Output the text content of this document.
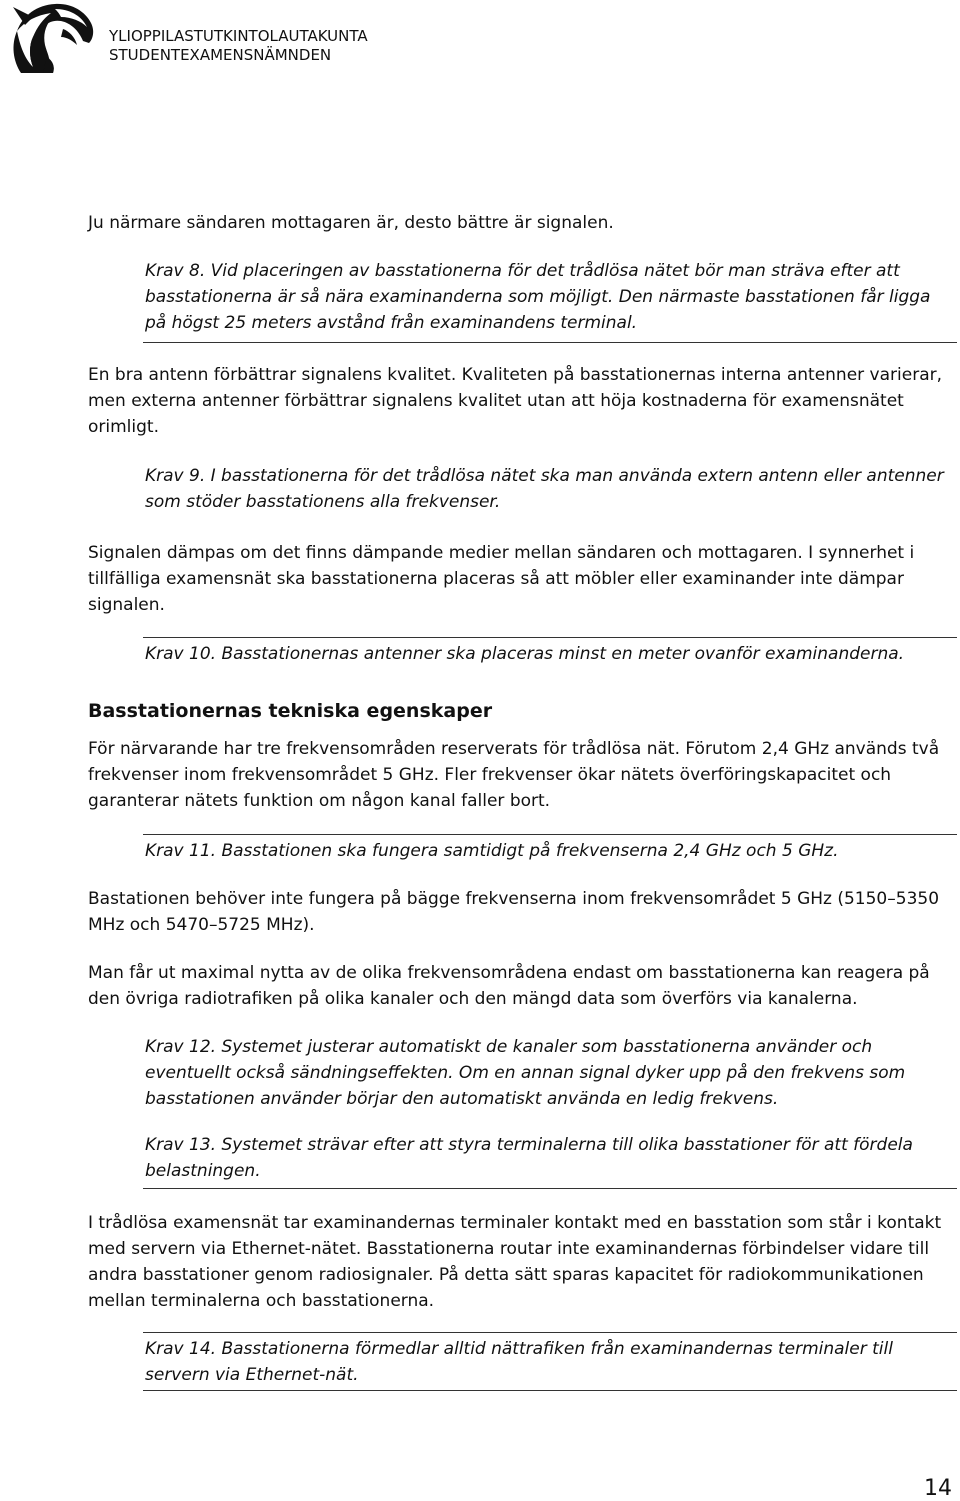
YLIOPPILASTUTKINTOLAUTAKUNTA
STUDENTEXAMENSNÄMNDEN

Ju närmare sändaren mottagaren är, desto bättre är signalen.

Krav 8. Vid placeringen av basstationerna för det trådlösa nätet bör man sträva efter att basstationerna är så nära examinanderna som möjligt. Den närmaste basstationen får ligga på högst 25 meters avstånd från examinandens terminal.

En bra antenn förbättrar signalens kvalitet. Kvaliteten på basstationernas interna antenner varierar, men externa antenner förbättrar signalens kvalitet utan att höja kostnaderna för examensnätet orimligt.

Krav 9. I basstationerna för det trådlösa nätet ska man använda extern antenn eller antenner som stöder basstationens alla frekvenser.

Signalen dämpas om det finns dämpande medier mellan sändaren och mottagaren. I synnerhet i tillfälliga examensnät ska basstationerna placeras så att möbler eller examinander inte dämpar signalen.

Krav 10. Basstationernas antenner ska placeras minst en meter ovanför examinanderna.

Basstationernas tekniska egenskaper

För närvarande har tre frekvensområden reserverats för trådlösa nät. Förutom 2,4 GHz används två frekvenser inom frekvensområdet 5 GHz. Fler frekvenser ökar nätets överföringskapacitet och garanterar nätets funktion om någon kanal faller bort.

Krav 11. Basstationen ska fungera samtidigt på frekvenserna 2,4 GHz och 5 GHz.

Bastationen behöver inte fungera på bägge frekvenserna inom frekvensområdet 5 GHz (5150–5350 MHz och 5470–5725 MHz).

Man får ut maximal nytta av de olika frekvensområdena endast om basstationerna kan reagera på den övriga radiotrafiken på olika kanaler och den mängd data som överförs via kanalerna.

Krav 12. Systemet justerar automatiskt de kanaler som basstationerna använder och eventuellt också sändningseffekten. Om en annan signal dyker upp på den frekvens som basstationen använder börjar den automatiskt använda en ledig frekvens.

Krav 13. Systemet strävar efter att styra terminalerna till olika basstationer för att fördela belastningen.

I trådlösa examensnät tar examinandernas terminaler kontakt med en basstation som står i kontakt med servern via Ethernet-nätet. Basstationerna routar inte examinandernas förbindelser vidare till andra basstationer genom radiosignaler. På detta sätt sparas kapacitet för radiokommunikationen mellan terminalerna och basstationerna.

Krav 14. Basstationerna förmedlar alltid nättrafiken från examinandernas terminaler till servern via Ethernet-nät.

14
